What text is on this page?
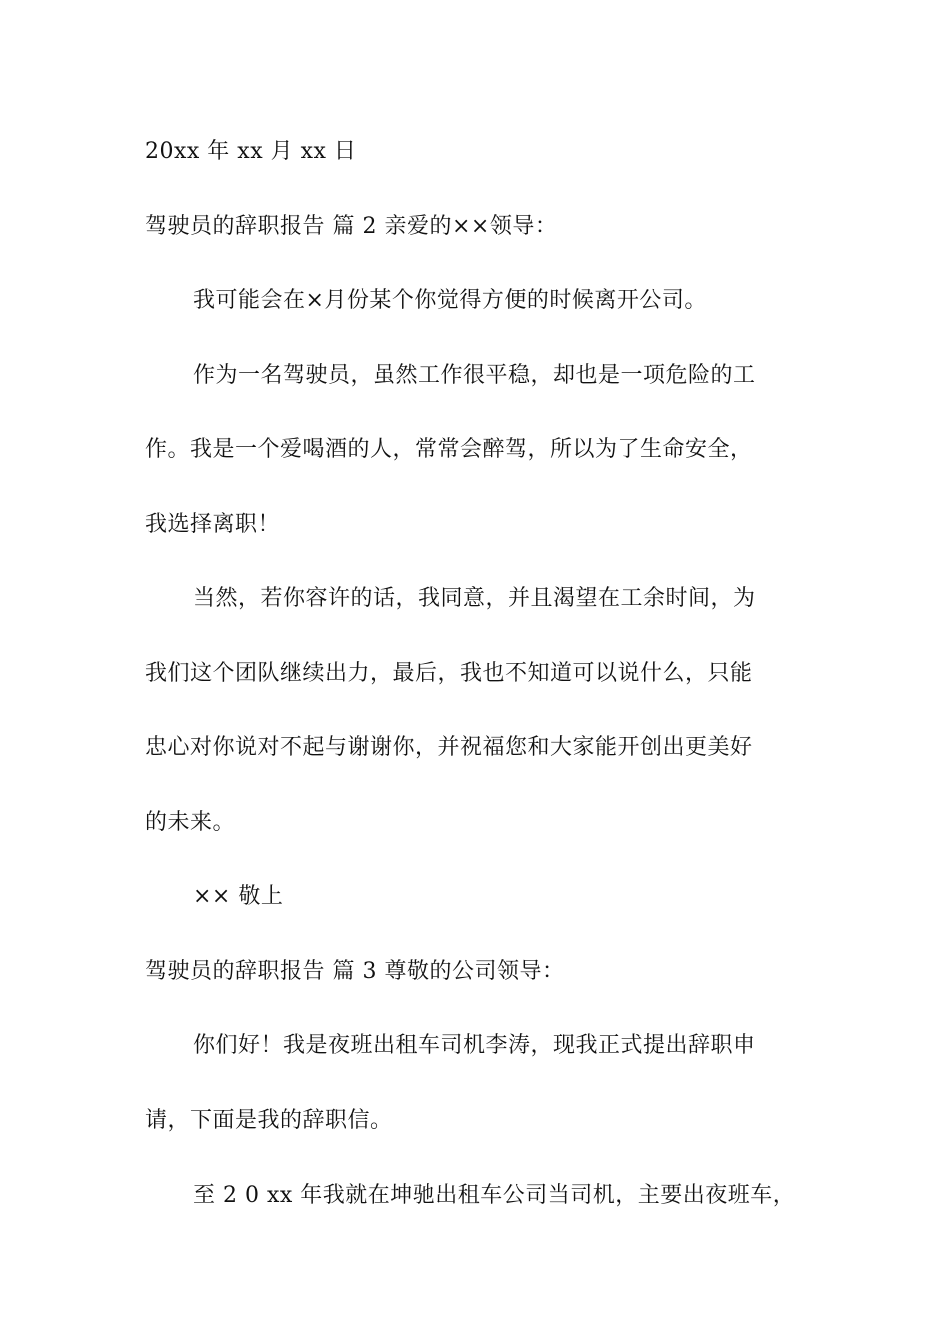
20xx 年 xx 月 xx 日
驾驶员的辞职报告 篇 2 亲爱的××领导：
我可能会在×月份某个你觉得方便的时候离开公司。
作为一名驾驶员，虽然工作很平稳，却也是一项危险的工
作。我是一个爱喝酒的人，常常会醉驾，所以为了生命安全，
我选择离职！
当然，若你容许的话，我同意，并且渴望在工余时间，为
我们这个团队继续出力，最后，我也不知道可以说什么，只能
忠心对你说对不起与谢谢你，并祝福您和大家能开创出更美好
的未来。
×× 敬上
驾驶员的辞职报告 篇 3 尊敬的公司领导：
你们好！我是夜班出租车司机李涛，现我正式提出辞职申
请，下面是我的辞职信。
至 2 0 xx 年我就在坤驰出租车公司当司机，主要出夜班车，
